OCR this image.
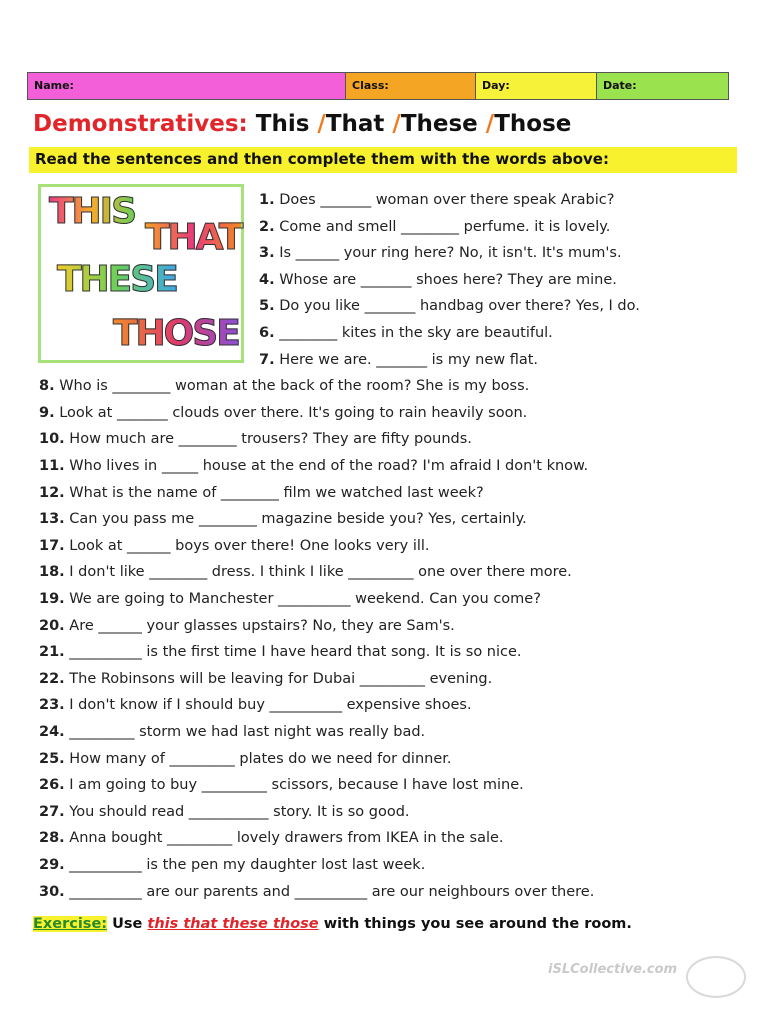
Name:	Class:	Day:	Date:
Demonstratives: This /That /These /Those
Read the sentences and then complete them with the words above:
THIS
THAT
THESE
THOSE
1. Does _______ woman over there speak Arabic?
2. Come and smell ________ perfume. it is lovely.
3. Is ______ your ring here? No, it isn't. It's mum's.
4. Whose are _______ shoes here? They are mine.
5. Do you like _______ handbag over there? Yes, I do.
6. ________ kites in the sky are beautiful.
7. Here we are. _______ is my new flat.
8. Who is ________ woman at the back of the room? She is my boss.
9. Look at _______ clouds over there. It's going to rain heavily soon.
10. How much are ________ trousers? They are fifty pounds.
11. Who lives in _____ house at the end of the road? I'm afraid I don't know.
12. What is the name of ________ film we watched last week?
13. Can you pass me ________ magazine beside you? Yes, certainly.
17. Look at ______ boys over there! One looks very ill.
18. I don't like ________ dress. I think I like _________ one over there more.
19. We are going to Manchester __________ weekend. Can you come?
20. Are ______ your glasses upstairs? No, they are Sam's.
21. __________ is the first time I have heard that song. It is so nice.
22. The Robinsons will be leaving for Dubai _________ evening.
23. I don't know if I should buy __________ expensive shoes.
24. _________ storm we had last night was really bad.
25. How many of _________ plates do we need for dinner.
26. I am going to buy _________ scissors, because I have lost mine.
27. You should read ___________ story. It is so good.
28. Anna bought _________ lovely drawers from IKEA in the sale.
29. __________ is the pen my daughter lost last week.
30. __________ are our parents and __________ are our neighbours over there.
Exercise: Use this that these those with things you see around the room.
iSLCollective.com
